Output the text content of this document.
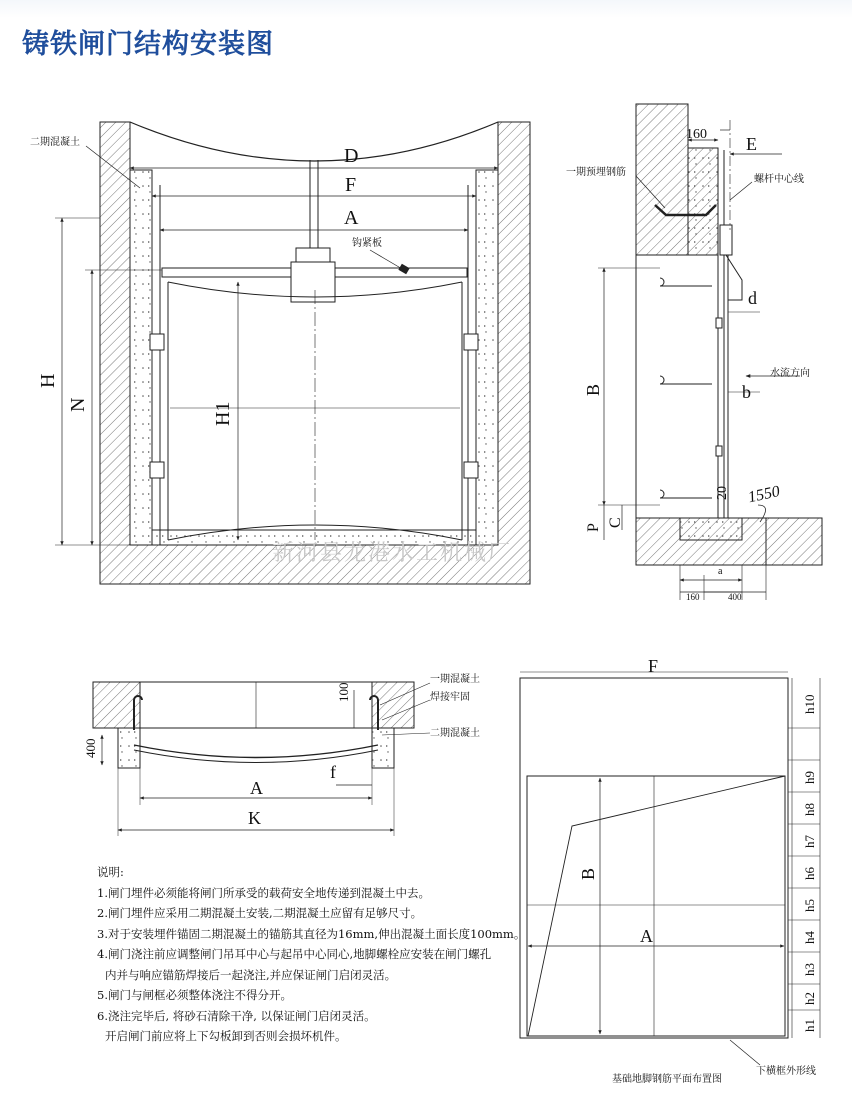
铸铁闸门结构安装图
二期混凝土
D
F
A
钩紧板
H
N	H1
新河县龙港水工机械厂
160 E
一期预埋钢筋
螺杆中心线
d
B	b
水流方向
20 1550
C
P
a
160	400
一期混凝土
焊接牢固
二期混凝土
100
400
A
f
K
F
B
A
h10
h9
h8
h7
h6
h5
h4
h3
h2
h1
基础地脚钢筋平面布置图
下横框外形线
说明:
1.闸门埋件必须能将闸门所承受的载荷安全地传递到混凝土中去。
2.闸门埋件应采用二期混凝土安装,二期混凝土应留有足够尺寸。
3.对于安装埋件锚固二期混凝土的锚筋其直径为16mm,伸出混凝土面长度100mm。
4.闸门浇注前应调整闸门吊耳中心与起吊中心同心,地脚螺栓应安装在闸门螺孔
内并与响应锚筋焊接后一起浇注,并应保证闸门启闭灵活。
5.闸门与闸框必须整体浇注不得分开。
6.浇注完毕后, 将砂石清除干净, 以保证闸门启闭灵活。
开启闸门前应将上下勾板卸到否则会损坏机件。
